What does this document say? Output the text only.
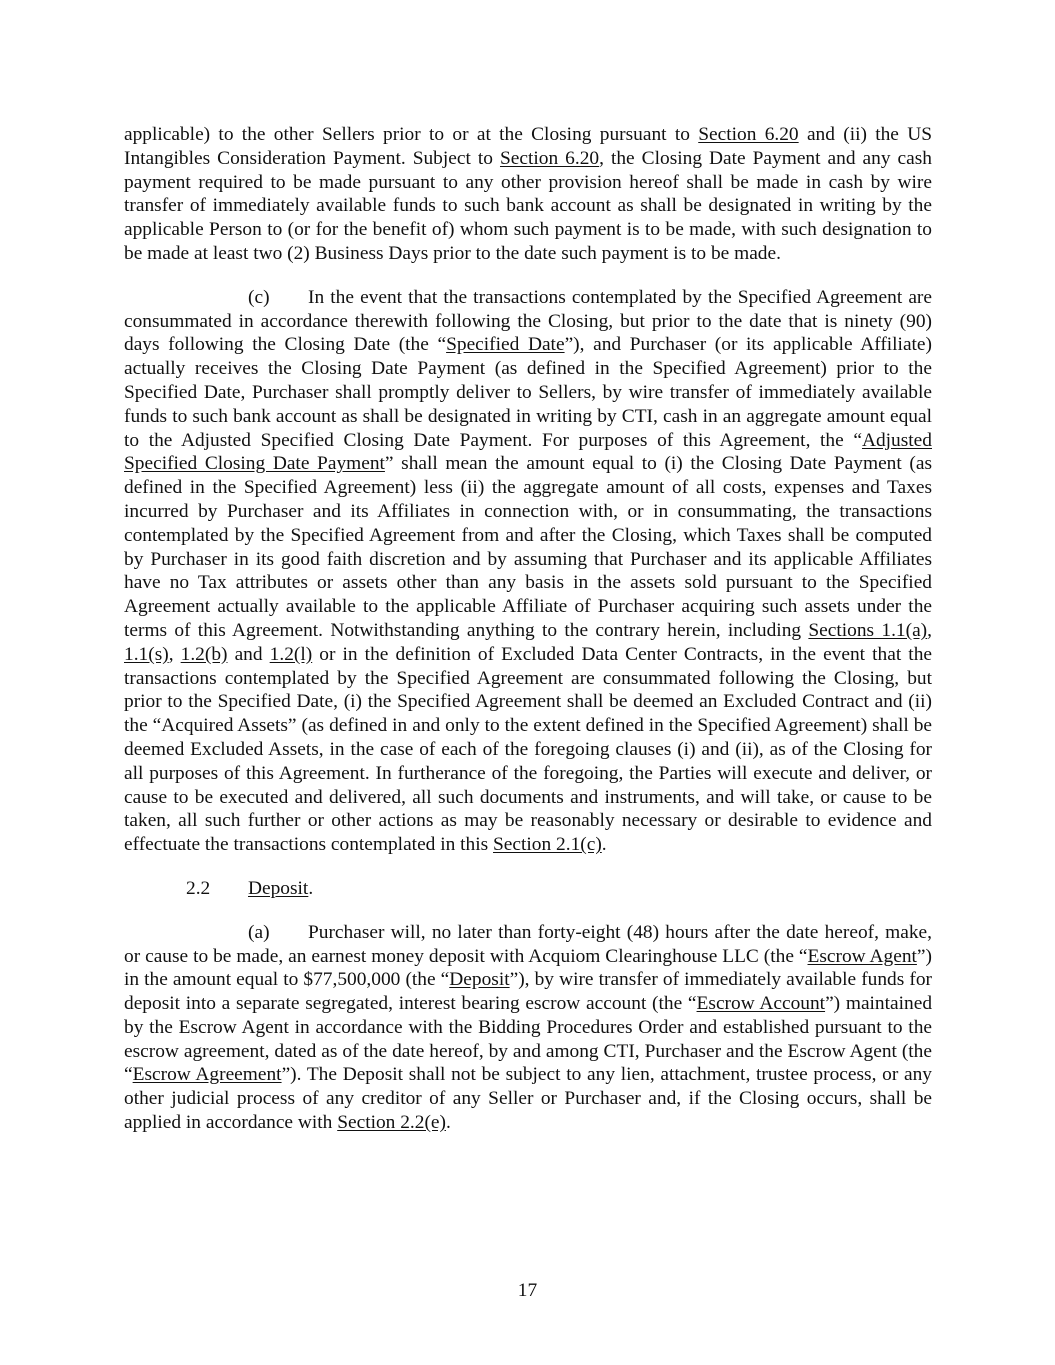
applicable) to the other Sellers prior to or at the Closing pursuant to Section 6.20 and (ii) the US Intangibles Consideration Payment. Subject to Section 6.20, the Closing Date Payment and any cash payment required to be made pursuant to any other provision hereof shall be made in cash by wire transfer of immediately available funds to such bank account as shall be designated in writing by the applicable Person to (or for the benefit of) whom such payment is to be made, with such designation to be made at least two (2) Business Days prior to the date such payment is to be made.

(c) In the event that the transactions contemplated by the Specified Agreement are consummated in accordance therewith following the Closing, but prior to the date that is ninety (90) days following the Closing Date (the “Specified Date”), and Purchaser (or its applicable Affiliate) actually receives the Closing Date Payment (as defined in the Specified Agreement) prior to the Specified Date, Purchaser shall promptly deliver to Sellers, by wire transfer of immediately available funds to such bank account as shall be designated in writing by CTI, cash in an aggregate amount equal to the Adjusted Specified Closing Date Payment. For purposes of this Agreement, the “Adjusted Specified Closing Date Payment” shall mean the amount equal to (i) the Closing Date Payment (as defined in the Specified Agreement) less (ii) the aggregate amount of all costs, expenses and Taxes incurred by Purchaser and its Affiliates in connection with, or in consummating, the transactions contemplated by the Specified Agreement from and after the Closing, which Taxes shall be computed by Purchaser in its good faith discretion and by assuming that Purchaser and its applicable Affiliates have no Tax attributes or assets other than any basis in the assets sold pursuant to the Specified Agreement actually available to the applicable Affiliate of Purchaser acquiring such assets under the terms of this Agreement. Notwithstanding anything to the contrary herein, including Sections 1.1(a), 1.1(s), 1.2(b) and 1.2(l) or in the definition of Excluded Data Center Contracts, in the event that the transactions contemplated by the Specified Agreement are consummated following the Closing, but prior to the Specified Date, (i) the Specified Agreement shall be deemed an Excluded Contract and (ii) the “Acquired Assets” (as defined in and only to the extent defined in the Specified Agreement) shall be deemed Excluded Assets, in the case of each of the foregoing clauses (i) and (ii), as of the Closing for all purposes of this Agreement. In furtherance of the foregoing, the Parties will execute and deliver, or cause to be executed and delivered, all such documents and instruments, and will take, or cause to be taken, all such further or other actions as may be reasonably necessary or desirable to evidence and effectuate the transactions contemplated in this Section 2.1(c).

2.2 Deposit.

(a) Purchaser will, no later than forty-eight (48) hours after the date hereof, make, or cause to be made, an earnest money deposit with Acquiom Clearinghouse LLC (the “Escrow Agent”) in the amount equal to $77,500,000 (the “Deposit”), by wire transfer of immediately available funds for deposit into a separate segregated, interest bearing escrow account (the “Escrow Account”) maintained by the Escrow Agent in accordance with the Bidding Procedures Order and established pursuant to the escrow agreement, dated as of the date hereof, by and among CTI, Purchaser and the Escrow Agent (the “Escrow Agreement”). The Deposit shall not be subject to any lien, attachment, trustee process, or any other judicial process of any creditor of any Seller or Purchaser and, if the Closing occurs, shall be applied in accordance with Section 2.2(e).

17
